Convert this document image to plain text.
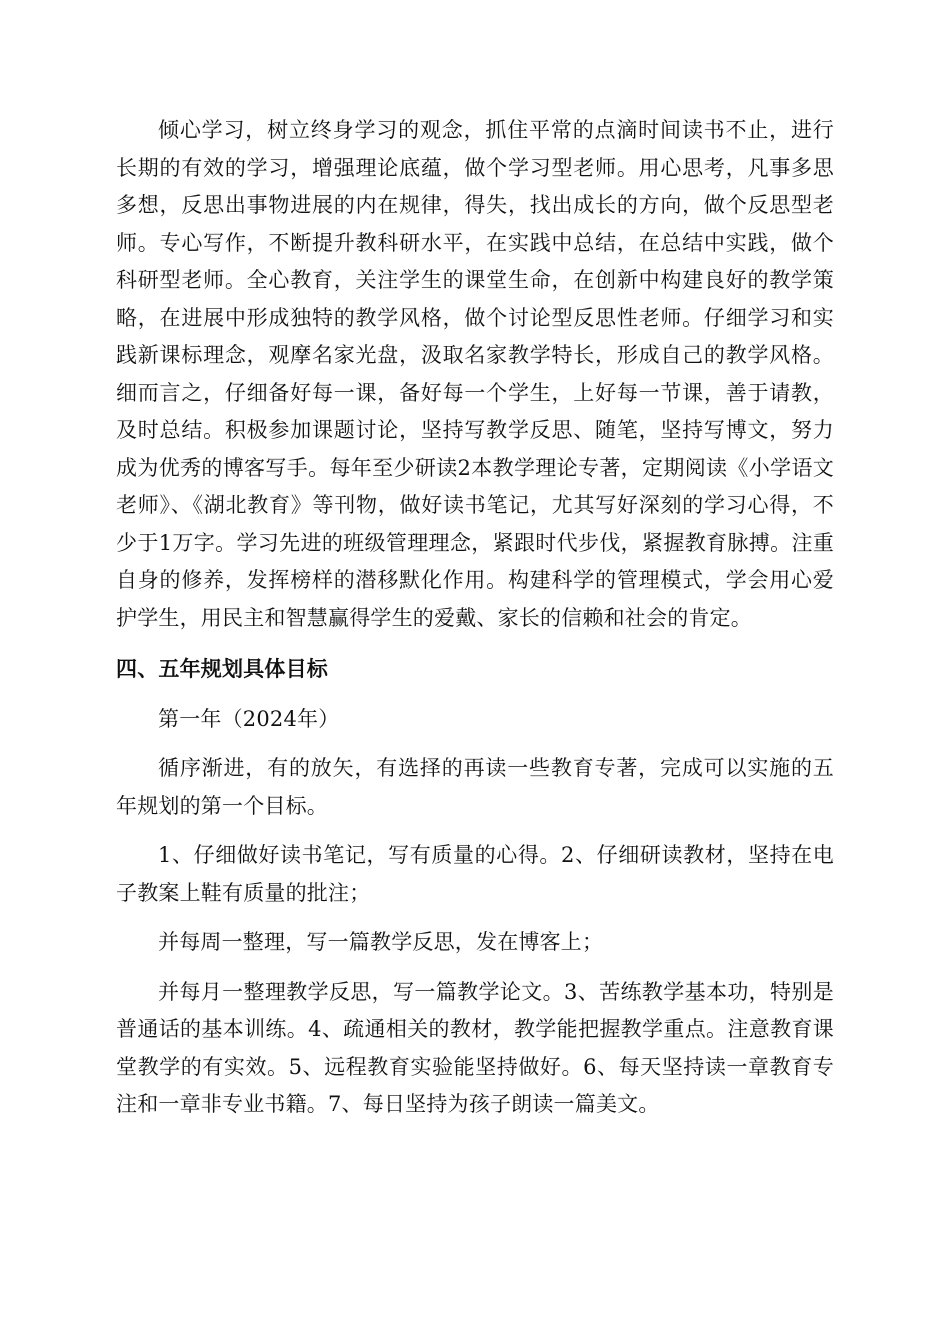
倾心学习，树立终身学习的观念，抓住平常的点滴时间读书不止，进行长期的有效的学习，增强理论底蕴，做个学习型老师。用心思考，凡事多思多想，反思出事物进展的内在规律，得失，找出成长的方向，做个反思型老师。专心写作，不断提升教科研水平，在实践中总结，在总结中实践，做个科研型老师。全心教育，关注学生的课堂生命，在创新中构建良好的教学策略，在进展中形成独特的教学风格，做个讨论型反思性老师。仔细学习和实践新课标理念，观摩名家光盘，汲取名家教学特长，形成自己的教学风格。细而言之，仔细备好每一课，备好每一个学生，上好每一节课，善于请教，及时总结。积极参加课题讨论，坚持写教学反思、随笔，坚持写博文，努力成为优秀的博客写手。每年至少研读2本教学理论专著，定期阅读《小学语文老师》、《湖北教育》等刊物，做好读书笔记，尤其写好深刻的学习心得，不少于1万字。学习先进的班级管理理念，紧跟时代步伐，紧握教育脉搏。注重自身的修养，发挥榜样的潜移默化作用。构建科学的管理模式，学会用心爱护学生，用民主和智慧赢得学生的爱戴、家长的信赖和社会的肯定。

四、五年规划具体目标

第一年（2024年）

循序渐进，有的放矢，有选择的再读一些教育专著，完成可以实施的五年规划的第一个目标。

1、仔细做好读书笔记，写有质量的心得。2、仔细研读教材，坚持在电子教案上鞋有质量的批注；

并每周一整理，写一篇教学反思，发在博客上；

并每月一整理教学反思，写一篇教学论文。3、苦练教学基本功，特别是普通话的基本训练。4、疏通相关的教材，教学能把握教学重点。注意教育课堂教学的有实效。5、远程教育实验能坚持做好。6、每天坚持读一章教育专注和一章非专业书籍。7、每日坚持为孩子朗读一篇美文。
